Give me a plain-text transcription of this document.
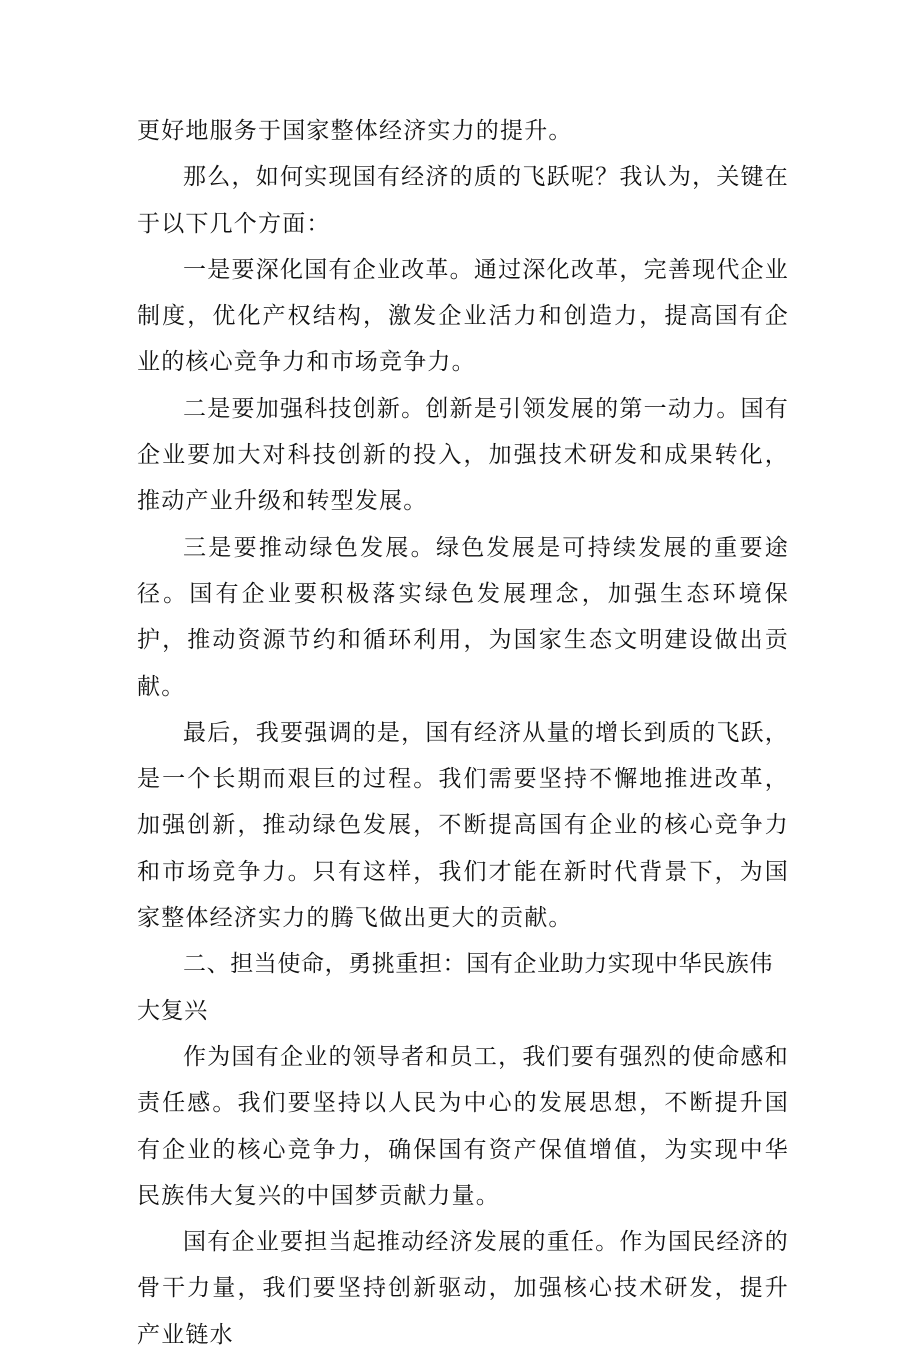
更好地服务于国家整体经济实力的提升。

那么，如何实现国有经济的质的飞跃呢？我认为，关键在于以下几个方面：

一是要深化国有企业改革。通过深化改革，完善现代企业制度，优化产权结构，激发企业活力和创造力，提高国有企业的核心竞争力和市场竞争力。

二是要加强科技创新。创新是引领发展的第一动力。国有企业要加大对科技创新的投入，加强技术研发和成果转化，推动产业升级和转型发展。

三是要推动绿色发展。绿色发展是可持续发展的重要途径。国有企业要积极落实绿色发展理念，加强生态环境保护，推动资源节约和循环利用，为国家生态文明建设做出贡献。

最后，我要强调的是，国有经济从量的增长到质的飞跃，是一个长期而艰巨的过程。我们需要坚持不懈地推进改革，加强创新，推动绿色发展，不断提高国有企业的核心竞争力和市场竞争力。只有这样，我们才能在新时代背景下，为国家整体经济实力的腾飞做出更大的贡献。

二、担当使命，勇挑重担：国有企业助力实现中华民族伟大复兴

作为国有企业的领导者和员工，我们要有强烈的使命感和责任感。我们要坚持以人民为中心的发展思想，不断提升国有企业的核心竞争力，确保国有资产保值增值，为实现中华民族伟大复兴的中国梦贡献力量。

国有企业要担当起推动经济发展的重任。作为国民经济的骨干力量，我们要坚持创新驱动，加强核心技术研发，提升产业链水
